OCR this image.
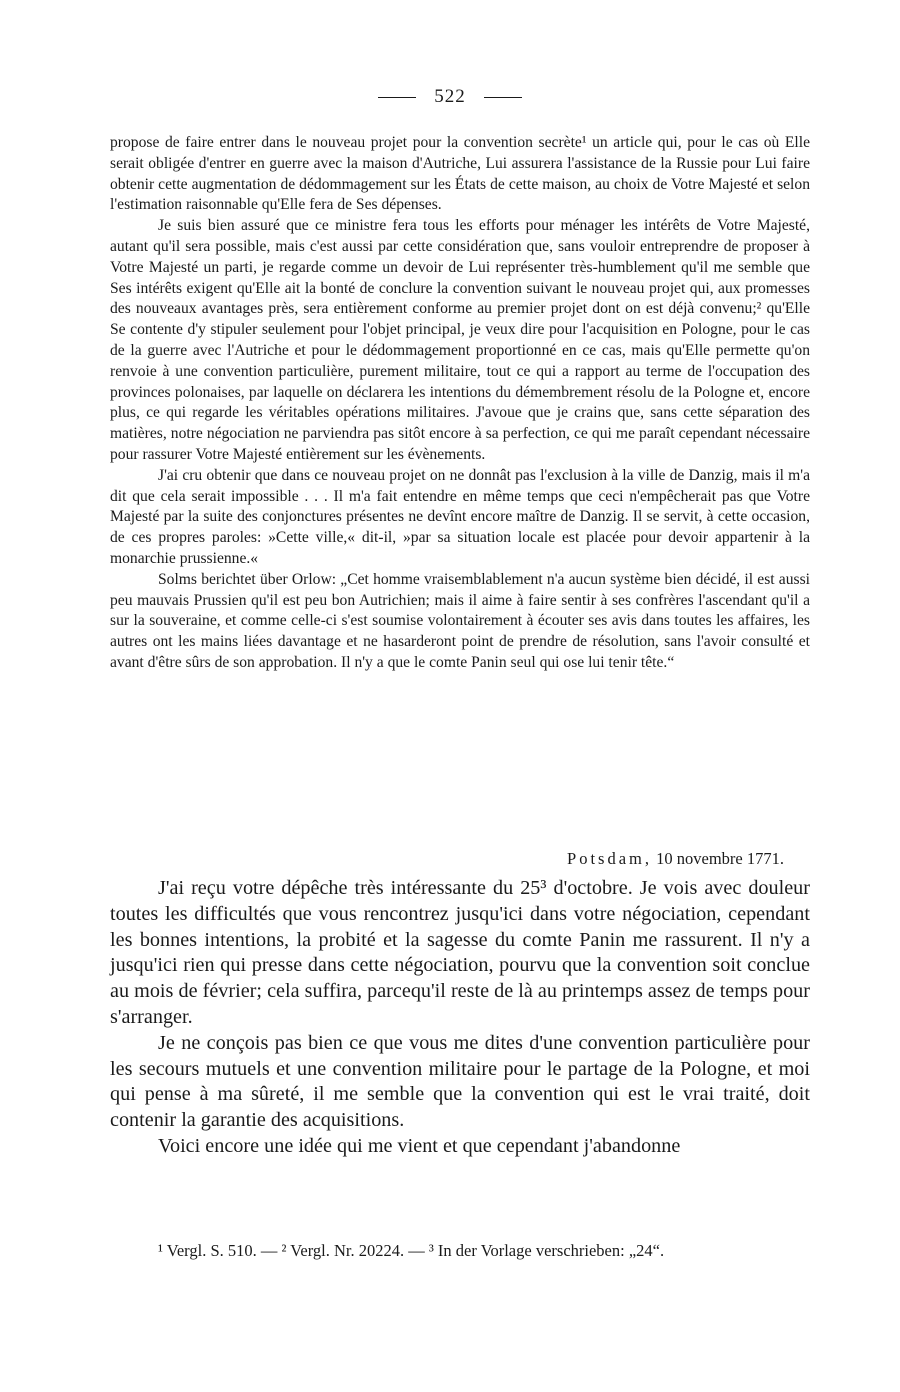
522

propose de faire entrer dans le nouveau projet pour la convention secrète¹ un article qui, pour le cas où Elle serait obligée d'entrer en guerre avec la maison d'Autriche, Lui assurera l'assistance de la Russie pour Lui faire obtenir cette augmentation de dédommagement sur les États de cette maison, au choix de Votre Majesté et selon l'estimation raisonnable qu'Elle fera de Ses dépenses.

Je suis bien assuré que ce ministre fera tous les efforts pour ménager les intérêts de Votre Majesté, autant qu'il sera possible, mais c'est aussi par cette considération que, sans vouloir entreprendre de proposer à Votre Majesté un parti, je regarde comme un devoir de Lui représenter très-humblement qu'il me semble que Ses intérêts exigent qu'Elle ait la bonté de conclure la convention suivant le nouveau projet qui, aux promesses des nouveaux avantages près, sera entièrement conforme au premier projet dont on est déjà convenu;² qu'Elle Se contente d'y stipuler seulement pour l'objet principal, je veux dire pour l'acquisition en Pologne, pour le cas de la guerre avec l'Autriche et pour le dédommagement proportionné en ce cas, mais qu'Elle permette qu'on renvoie à une convention particulière, purement militaire, tout ce qui a rapport au terme de l'occupation des provinces polonaises, par laquelle on déclarera les intentions du démembrement résolu de la Pologne et, encore plus, ce qui regarde les véritables opérations militaires. J'avoue que je crains que, sans cette séparation des matières, notre négociation ne parviendra pas sitôt encore à sa perfection, ce qui me paraît cependant nécessaire pour rassurer Votre Majesté entièrement sur les évènements.

J'ai cru obtenir que dans ce nouveau projet on ne donnât pas l'exclusion à la ville de Danzig, mais il m'a dit que cela serait impossible . . . Il m'a fait entendre en même temps que ceci n'empêcherait pas que Votre Majesté par la suite des conjonctures présentes ne devînt encore maître de Danzig. Il se servit, à cette occasion, de ces propres paroles: »Cette ville,« dit-il, »par sa situation locale est placée pour devoir appartenir à la monarchie prussienne.«

Solms berichtet über Orlow: „Cet homme vraisemblablement n'a aucun système bien décidé, il est aussi peu mauvais Prussien qu'il est peu bon Autrichien; mais il aime à faire sentir à ses confrères l'ascendant qu'il a sur la souveraine, et comme celle-ci s'est soumise volontairement à écouter ses avis dans toutes les affaires, les autres ont les mains liées davantage et ne hasarderont point de prendre de résolution, sans l'avoir consulté et avant d'être sûrs de son approbation. Il n'y a que le comte Panin seul qui ose lui tenir tête.“

Potsdam, 10 novembre 1771.

J'ai reçu votre dépêche très intéressante du 25³ d'octobre. Je vois avec douleur toutes les difficultés que vous rencontrez jusqu'ici dans votre négociation, cependant les bonnes intentions, la probité et la sagesse du comte Panin me rassurent. Il n'y a jusqu'ici rien qui presse dans cette négociation, pourvu que la convention soit conclue au mois de février; cela suffira, parcequ'il reste de là au printemps assez de temps pour s'arranger.

Je ne conçois pas bien ce que vous me dites d'une convention particulière pour les secours mutuels et une convention militaire pour le partage de la Pologne, et moi qui pense à ma sûreté, il me semble que la convention qui est le vrai traité, doit contenir la garantie des acquisitions.

Voici encore une idée qui me vient et que cependant j'abandonne

¹ Vergl. S. 510. — ² Vergl. Nr. 20224. — ³ In der Vorlage verschrieben: „24“.
